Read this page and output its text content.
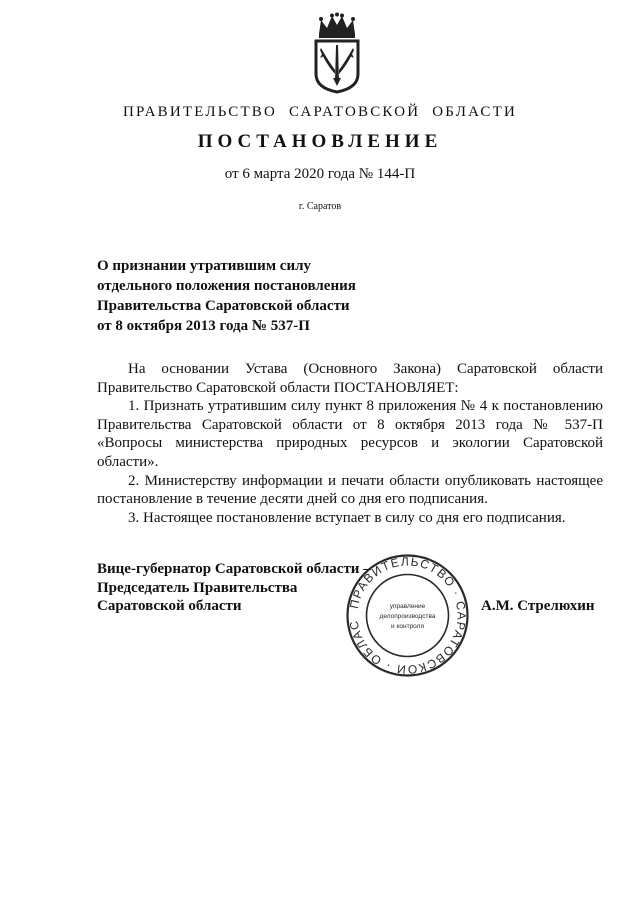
ПРАВИТЕЛЬСТВО САРАТОВСКОЙ ОБЛАСТИ
ПОСТАНОВЛЕНИЕ
от 6 марта 2020 года № 144-П
г. Саратов
О признании утратившим силу
отдельного положения постановления
Правительства Саратовской области
от 8 октября 2013 года № 537-П

На основании Устава (Основного Закона) Саратовской области Правительство Саратовской области ПОСТАНОВЛЯЕТ:

1. Признать утратившим силу пункт 8 приложения № 4 к постановлению Правительства Саратовской области от 8 октября 2013 года № 537-П «Вопросы министерства природных ресурсов и экологии Саратовской области».

2. Министерству информации и печати области опубликовать настоящее постановление в течение десяти дней со дня его подписания.

3. Настоящее постановление вступает в силу со дня его подписания.

Вице-губернатор Саратовской области –
Председатель Правительства
Саратовской области	ПРАВИТЕЛЬСТВО · САРАТОВСКОЙ · ОБЛАС
управление
делопроизводства
и контроля
А.М. Стрелюхин
